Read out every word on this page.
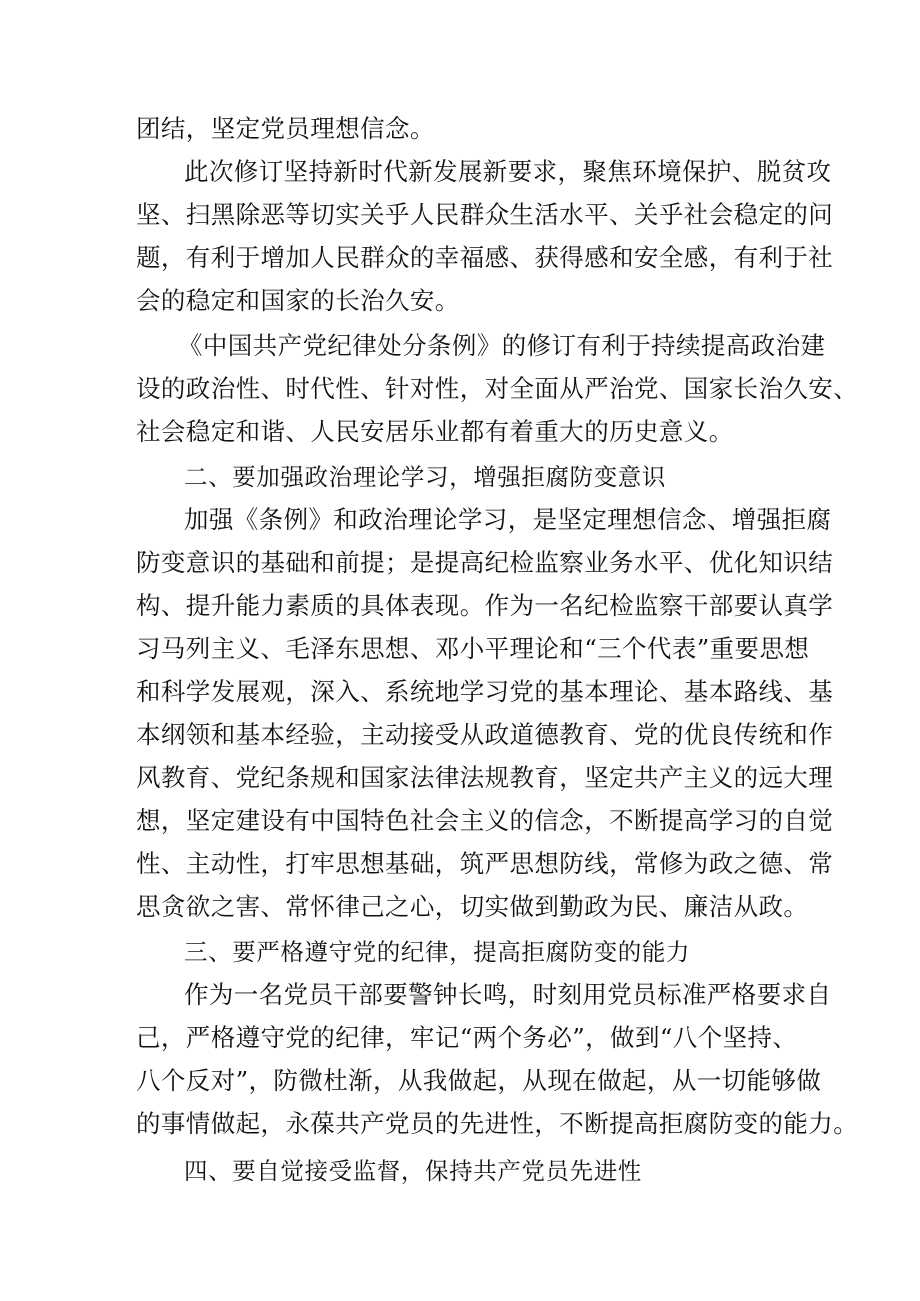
团结，坚定党员理想信念。
此次修订坚持新时代新发展新要求，聚焦环境保护、脱贫攻
坚、扫黑除恶等切实关乎人民群众生活水平、关乎社会稳定的问
题，有利于增加人民群众的幸福感、获得感和安全感，有利于社
会的稳定和国家的长治久安。
《中国共产党纪律处分条例》的修订有利于持续提高政治建
设的政治性、时代性、针对性，对全面从严治党、国家长治久安、
社会稳定和谐、人民安居乐业都有着重大的历史意义。
二、要加强政治理论学习，增强拒腐防变意识
加强《条例》和政治理论学习，是坚定理想信念、增强拒腐
防变意识的基础和前提；是提高纪检监察业务水平、优化知识结
构、提升能力素质的具体表现。作为一名纪检监察干部要认真学
习马列主义、毛泽东思想、邓小平理论和“三个代表”重要思想
和科学发展观，深入、系统地学习党的基本理论、基本路线、基
本纲领和基本经验，主动接受从政道德教育、党的优良传统和作
风教育、党纪条规和国家法律法规教育，坚定共产主义的远大理
想，坚定建设有中国特色社会主义的信念，不断提高学习的自觉
性、主动性，打牢思想基础，筑严思想防线，常修为政之德、常
思贪欲之害、常怀律己之心，切实做到勤政为民、廉洁从政。
三、要严格遵守党的纪律，提高拒腐防变的能力
作为一名党员干部要警钟长鸣，时刻用党员标准严格要求自
己，严格遵守党的纪律，牢记“两个务必”，做到“八个坚持、
八个反对”，防微杜渐，从我做起，从现在做起，从一切能够做
的事情做起，永葆共产党员的先进性，不断提高拒腐防变的能力。
四、要自觉接受监督，保持共产党员先进性
